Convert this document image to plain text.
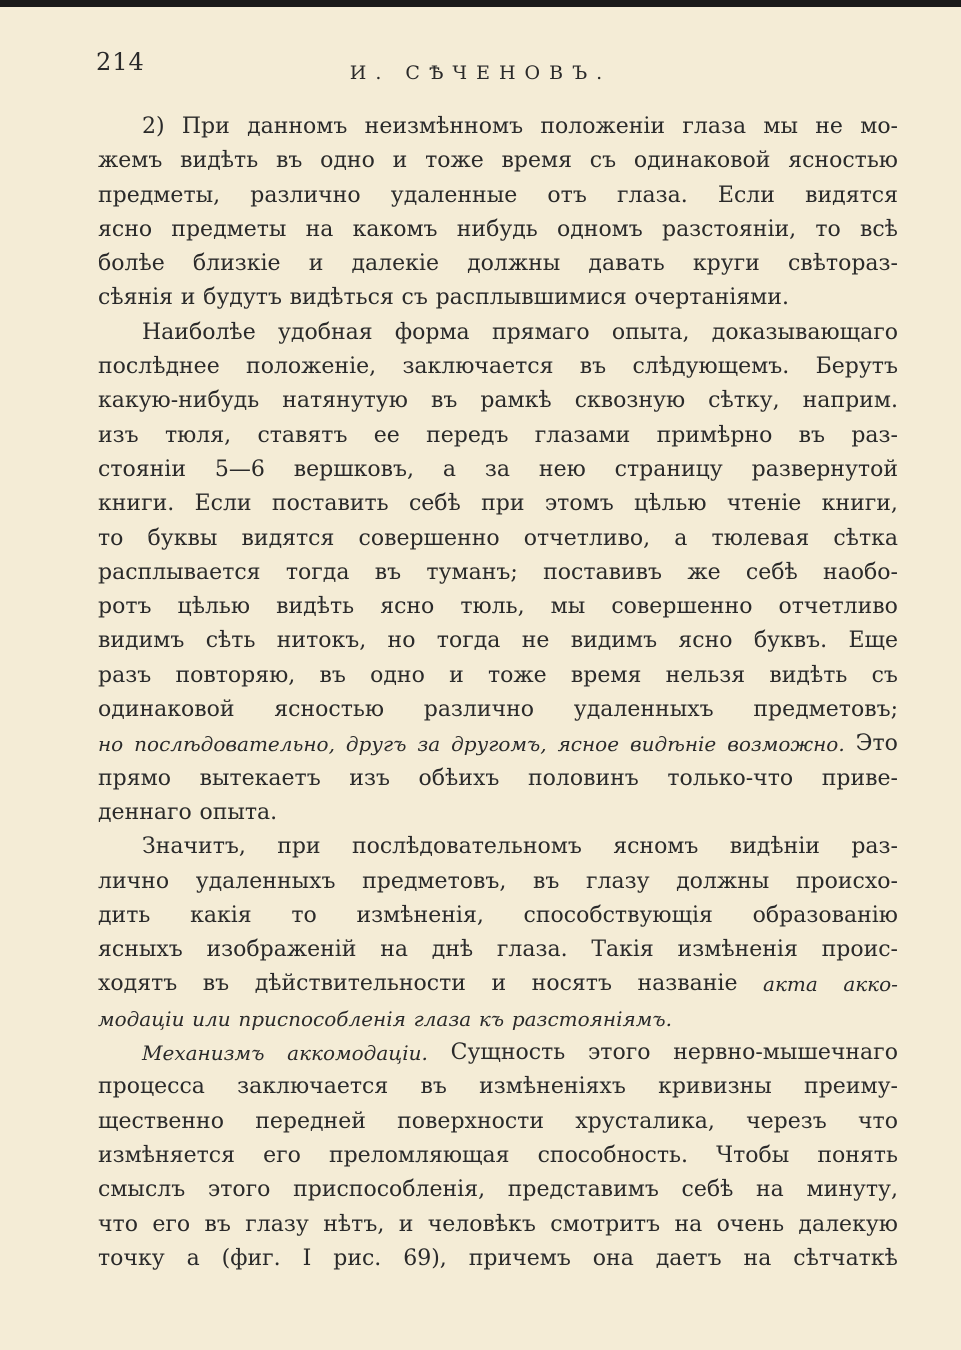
214	И. СѢЧЕНОВЪ.
2) При данномъ неизмѣнномъ положенiи глаза мы не мо-
жемъ видѣть въ одно и тоже время съ одинаковой ясностью
предметы, различно удаленные отъ глаза. Если видятся
ясно предметы на какомъ нибудь одномъ разстоянiи, то всѣ
болѣе близкiе и далекiе должны давать круги свѣтораз-
сѣянiя и будутъ видѣться съ расплывшимися очертанiями.
Наиболѣе удобная форма прямаго опыта, доказывающаго
послѣднее положенiе, заключается въ слѣдующемъ. Берутъ
какую-нибудь натянутую въ рамкѣ сквозную сѣтку, наприм.
изъ тюля, ставятъ ее передъ глазами примѣрно въ раз-
стоянiи 5—6 вершковъ, а за нею страницу развернутой
книги. Если поставить себѣ при этомъ цѣлью чтенiе книги,
то буквы видятся совершенно отчетливо, а тюлевая сѣтка
расплывается тогда въ туманъ; поставивъ же себѣ наобо-
ротъ цѣлью видѣть ясно тюль, мы совершенно отчетливо
видимъ сѣть нитокъ, но тогда не видимъ ясно буквъ. Еще
разъ повторяю, въ одно и тоже время нельзя видѣть съ
одинаковой ясностью различно удаленныхъ предметовъ;
но послѣдовательно, другъ за другомъ, ясное видѣнiе возможно. Это
прямо вытекаетъ изъ обѣихъ половинъ только-что приве-
деннаго опыта.
Значитъ, при послѣдовательномъ ясномъ видѣнiи раз-
лично удаленныхъ предметовъ, въ глазу должны происхо-
дить какiя то измѣненiя, способствующiя образованiю
ясныхъ изображенiй на днѣ глаза. Такiя измѣненiя проис-
ходятъ въ дѣйствительности и носятъ названiе акта акко-
модацiи или приспособленiя глаза къ разстоянiямъ.
Механизмъ аккомодацiи. Сущность этого нервно-мышечнаго
процесса заключается въ измѣненiяхъ кривизны преиму-
щественно передней поверхности хрусталика, черезъ что
измѣняется его преломляющая способность. Чтобы понять
смыслъ этого приспособленiя, представимъ себѣ на минуту,
что его въ глазу нѣтъ, и человѣкъ смотритъ на очень далекую
точку a (фиг. I рис. 69), причемъ она даетъ на сѣтчаткѣ
